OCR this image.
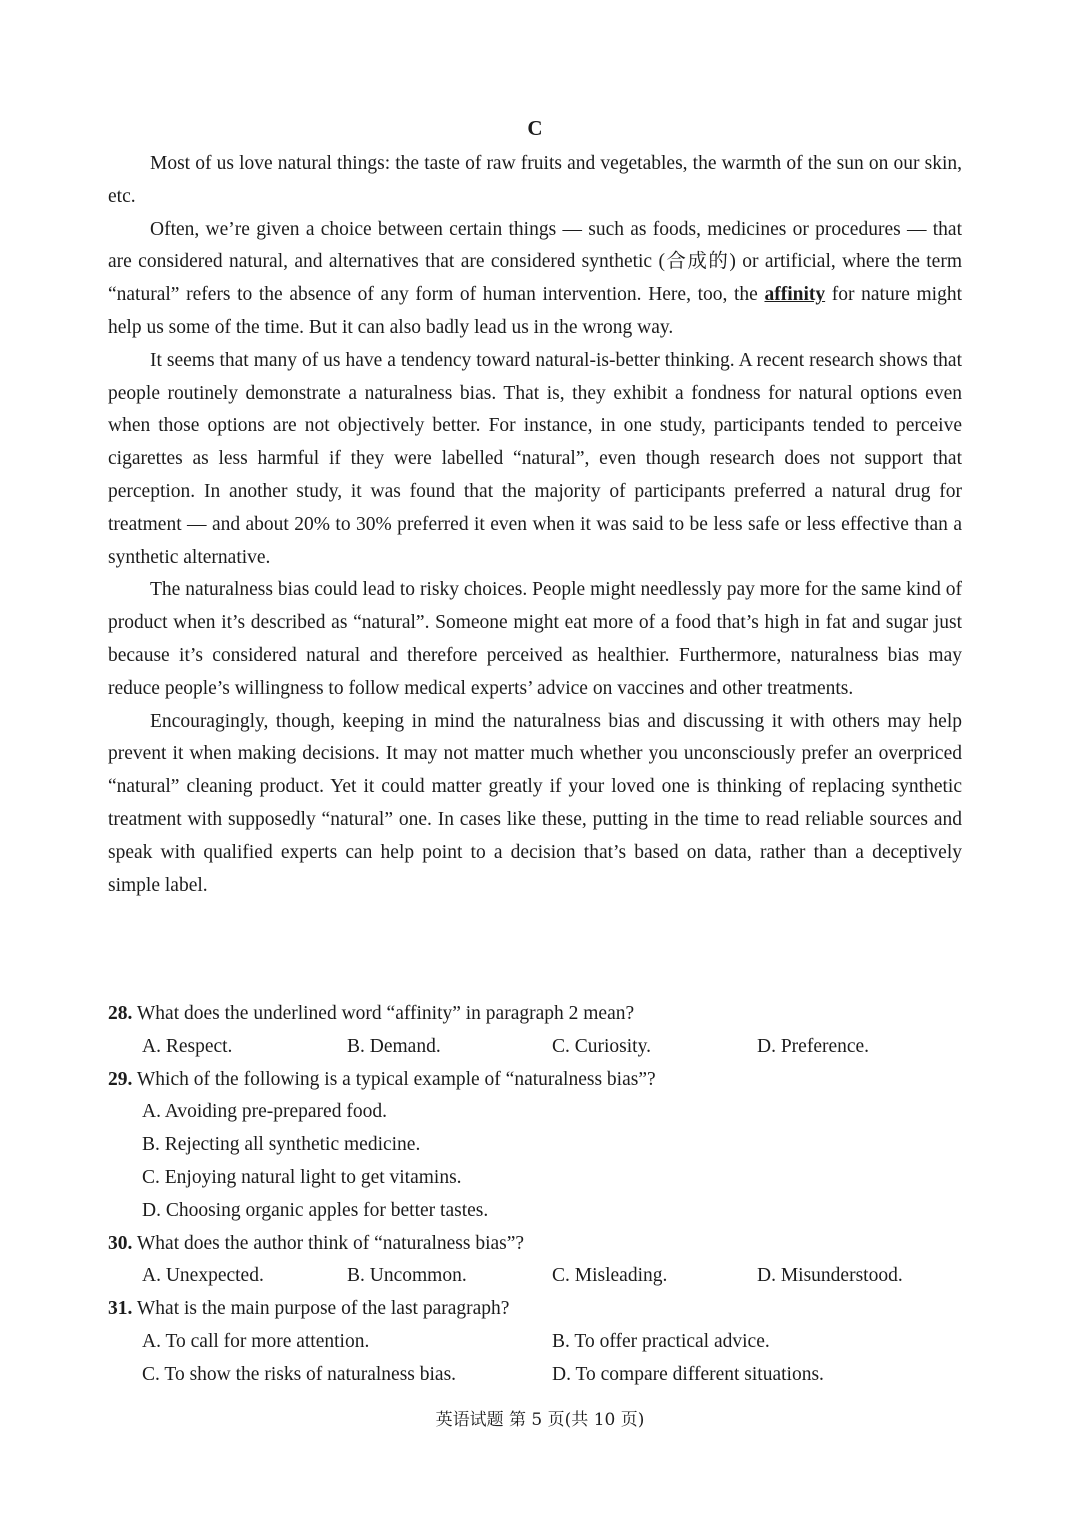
C

Most of us love natural things: the taste of raw fruits and vegetables, the warmth of the sun on our skin, etc.

Often, we’re given a choice between certain things — such as foods, medicines or procedures — that are considered natural, and alternatives that are considered synthetic (合成的) or artificial, where the term “natural” refers to the absence of any form of human intervention. Here, too, the affinity for nature might help us some of the time. But it can also badly lead us in the wrong way.

It seems that many of us have a tendency toward natural-is-better thinking. A recent research shows that people routinely demonstrate a naturalness bias. That is, they exhibit a fondness for natural options even when those options are not objectively better. For instance, in one study, participants tended to perceive cigarettes as less harmful if they were labelled “natural”, even though research does not support that perception. In another study, it was found that the majority of participants preferred a natural drug for treatment — and about 20% to 30% preferred it even when it was said to be less safe or less effective than a synthetic alternative.

The naturalness bias could lead to risky choices. People might needlessly pay more for the same kind of product when it’s described as “natural”. Someone might eat more of a food that’s high in fat and sugar just because it’s considered natural and therefore perceived as healthier. Furthermore, naturalness bias may reduce people’s willingness to follow medical experts’ advice on vaccines and other treatments.

Encouragingly, though, keeping in mind the naturalness bias and discussing it with others may help prevent it when making decisions. It may not matter much whether you unconsciously prefer an overpriced “natural” cleaning product. Yet it could matter greatly if your loved one is thinking of replacing synthetic treatment with supposedly “natural” one. In cases like these, putting in the time to read reliable sources and speak with qualified experts can help point to a decision that’s based on data, rather than a deceptively simple label.

28. What does the underlined word “affinity” in paragraph 2 mean?
A. Respect.	B. Demand.	C. Curiosity.	D. Preference.
29. Which of the following is a typical example of “naturalness bias”?
A. Avoiding pre-prepared food.
B. Rejecting all synthetic medicine.
C. Enjoying natural light to get vitamins.
D. Choosing organic apples for better tastes.
30. What does the author think of “naturalness bias”?
A. Unexpected.	B. Uncommon.	C. Misleading.	D. Misunderstood.
31. What is the main purpose of the last paragraph?
A. To call for more attention.	B. To offer practical advice.
C. To show the risks of naturalness bias.	D. To compare different situations.
英语试题 第 5 页(共 10 页)
